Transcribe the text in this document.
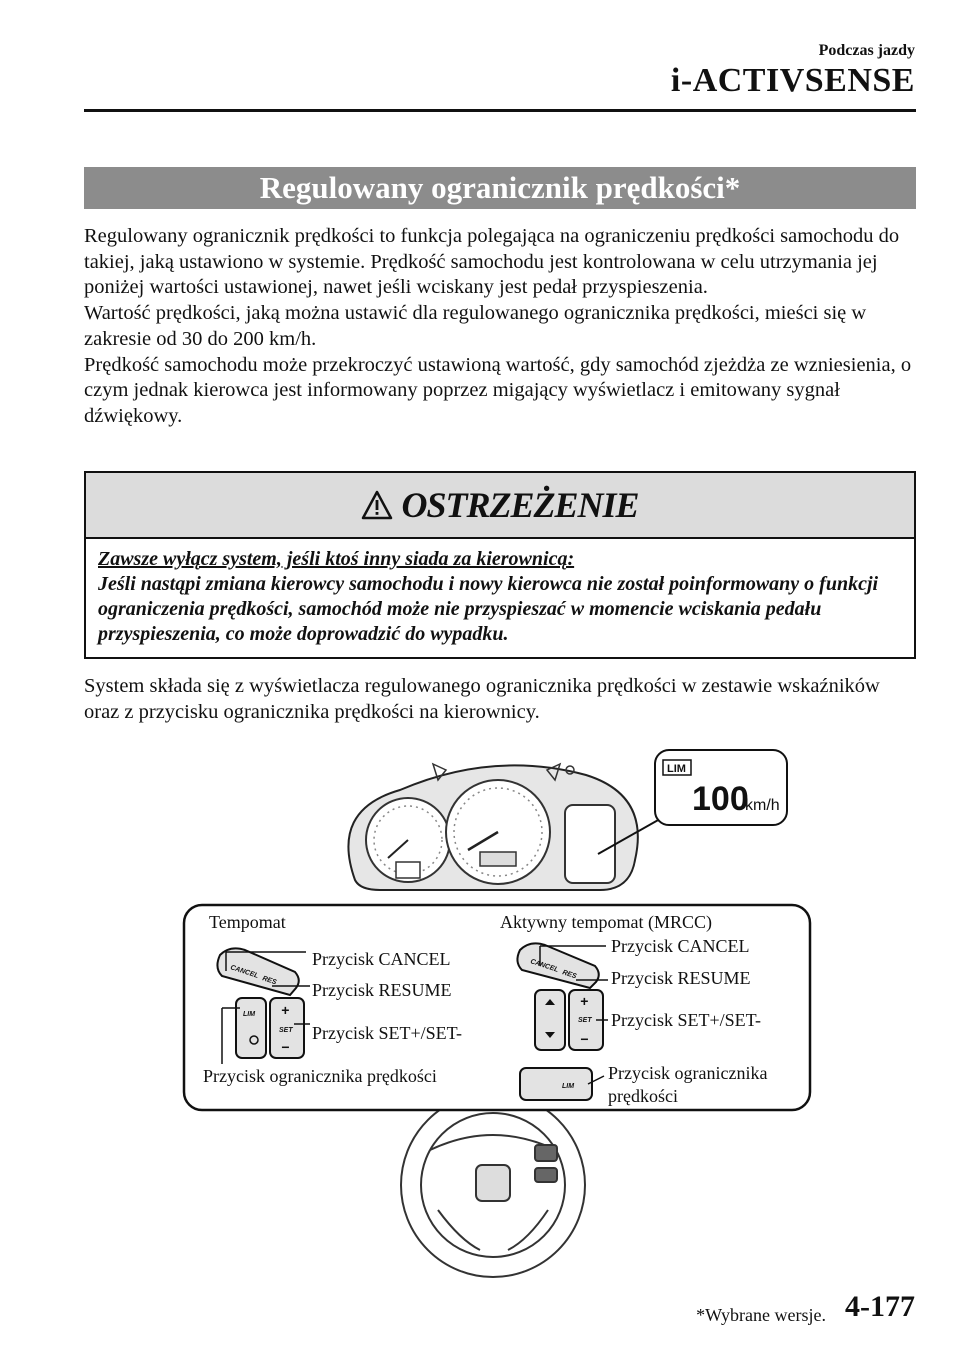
Podczas jazdy
i-ACTIVSENSE
Regulowany ogranicznik prędkości*

Regulowany ogranicznik prędkości to funkcja polegająca na ograniczeniu prędkości samochodu do takiej, jaką ustawiono w systemie. Prędkość samochodu jest kontrolowana w celu utrzymania jej poniżej wartości ustawionej, nawet jeśli wciskany jest pedał przyspieszenia.

Wartość prędkości, jaką można ustawić dla regulowanego ogranicznika prędkości, mieści się w zakresie od 30 do 200 km/h.

Prędkość samochodu może przekroczyć ustawioną wartość, gdy samochód zjeżdża ze wzniesienia, o czym jednak kierowca jest informowany poprzez migający wyświetlacz i emitowany sygnał dźwiękowy.

OSTRZEŻENIE
Zawsze wyłącz system, jeśli ktoś inny siada za kierownicą:
Jeśli nastąpi zmiana kierowcy samochodu i nowy kierowca nie został poinformowany o funkcji ograniczenia prędkości, samochód może nie przyspieszać w momencie wciskania pedału przyspieszenia, co może doprowadzić do wypadku.

System składa się z wyświetlacza regulowanego ogranicznika prędkości w zestawie wskaźników oraz z przycisku ogranicznika prędkości na kierownicy.

CANCEL
RES
LIM
SET
+
−
CANCEL
RES
SET
+
−
LIM
LIM
100
km/h
Tempomat
Przycisk CANCEL
Przycisk RESUME
Przycisk SET+/SET-
Przycisk ogranicznika prędkości
Aktywny tempomat (MRCC)
Przycisk CANCEL
Przycisk RESUME
Przycisk SET+/SET-
Przycisk ogranicznika
prędkości
*Wybrane wersje. 4-177
